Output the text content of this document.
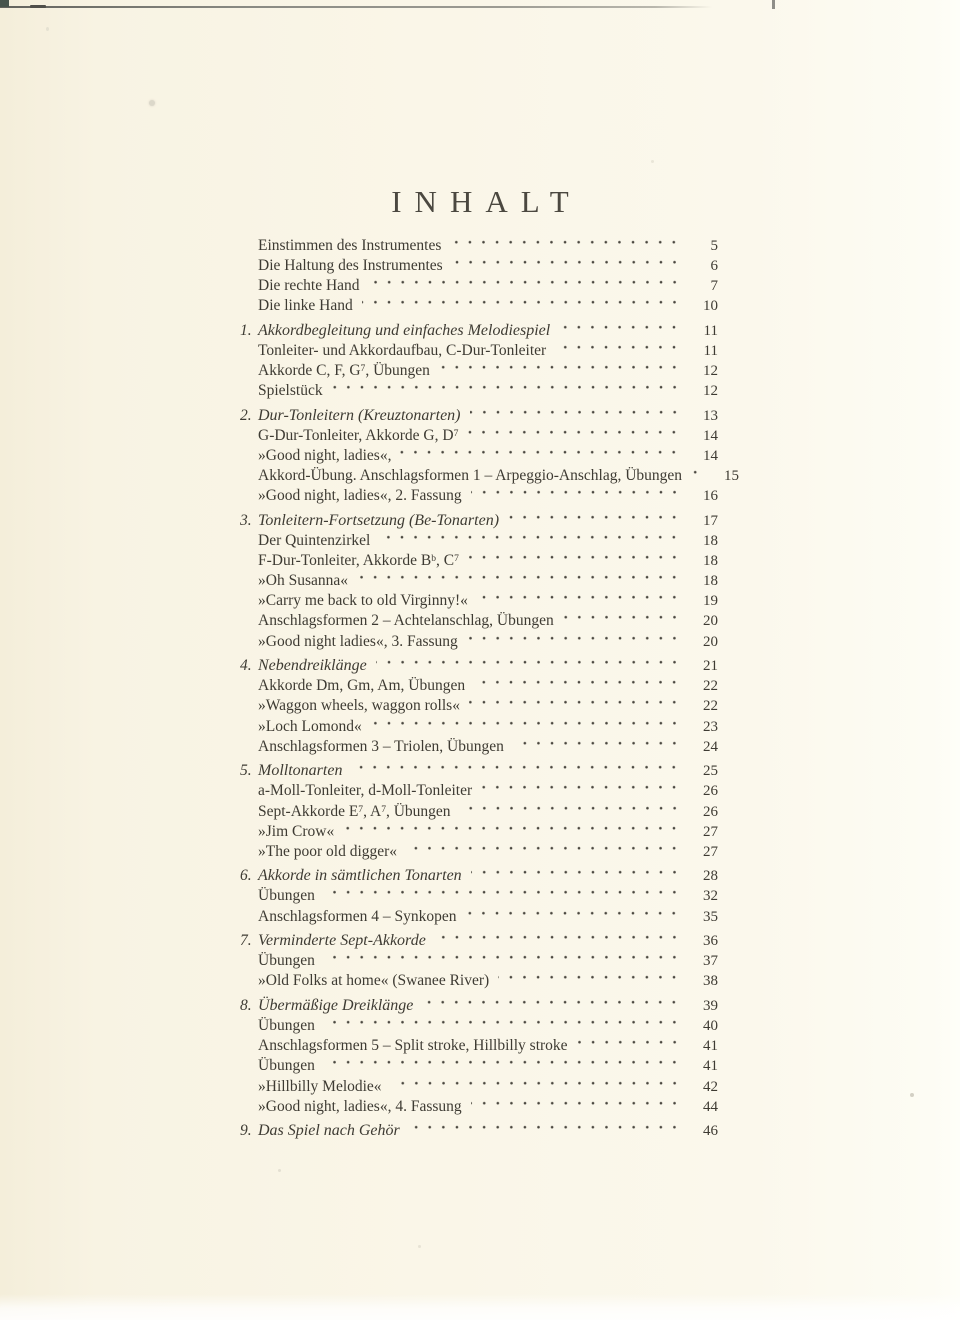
INHALT
Einstimmen des Instrumentes	5
Die Haltung des Instrumentes	6
Die rechte Hand	7
Die linke Hand	10
1. Akkordbegleitung und einfaches Melodiespiel	11
Tonleiter- und Akkordaufbau, C-Dur-Tonleiter	11
Akkorde C, F, $G^7$, Übungen	12
Spielstück	12
2. Dur-Tonleitern (Kreuztonarten)	13
G-Dur-Tonleiter, Akkorde G, $D^7$	14
»Good night, ladies«,	14
Akkord-Übung. Anschlagsformen 1 – Arpeggio-Anschlag, Übungen	15
»Good night, ladies«, 2. Fassung	16
3. Tonleitern-Fortsetzung (Be-Tonarten)	17
Der Quintenzirkel	18
F-Dur-Tonleiter, Akkorde $B^b$, $C^7$	18
»Oh Susanna«	18
»Carry me back to old Virginny!«	19
Anschlagsformen 2 – Achtelanschlag, Übungen	20
»Good night ladies«, 3. Fassung	20
4. Nebendreiklänge	21
Akkorde Dm, Gm, Am, Übungen	22
»Waggon wheels, waggon rolls«	22
»Loch Lomond«	23
Anschlagsformen 3 – Triolen, Übungen	24
5. Molltonarten	25
a-Moll-Tonleiter, d-Moll-Tonleiter	26
Sept-Akkorde $E^7$, $A^7$, Übungen	26
»Jim Crow«	27
»The poor old digger«	27
6. Akkorde in sämtlichen Tonarten	28
Übungen	32
Anschlagsformen 4 – Synkopen	35
7. Verminderte Sept-Akkorde	36
Übungen	37
»Old Folks at home« (Swanee River)	38
8. Übermäßige Dreiklänge	39
Übungen	40
Anschlagsformen 5 – Split stroke, Hillbilly stroke	41
Übungen	41
»Hillbilly Melodie«	42
»Good night, ladies«, 4. Fassung	44
9. Das Spiel nach Gehör	46
